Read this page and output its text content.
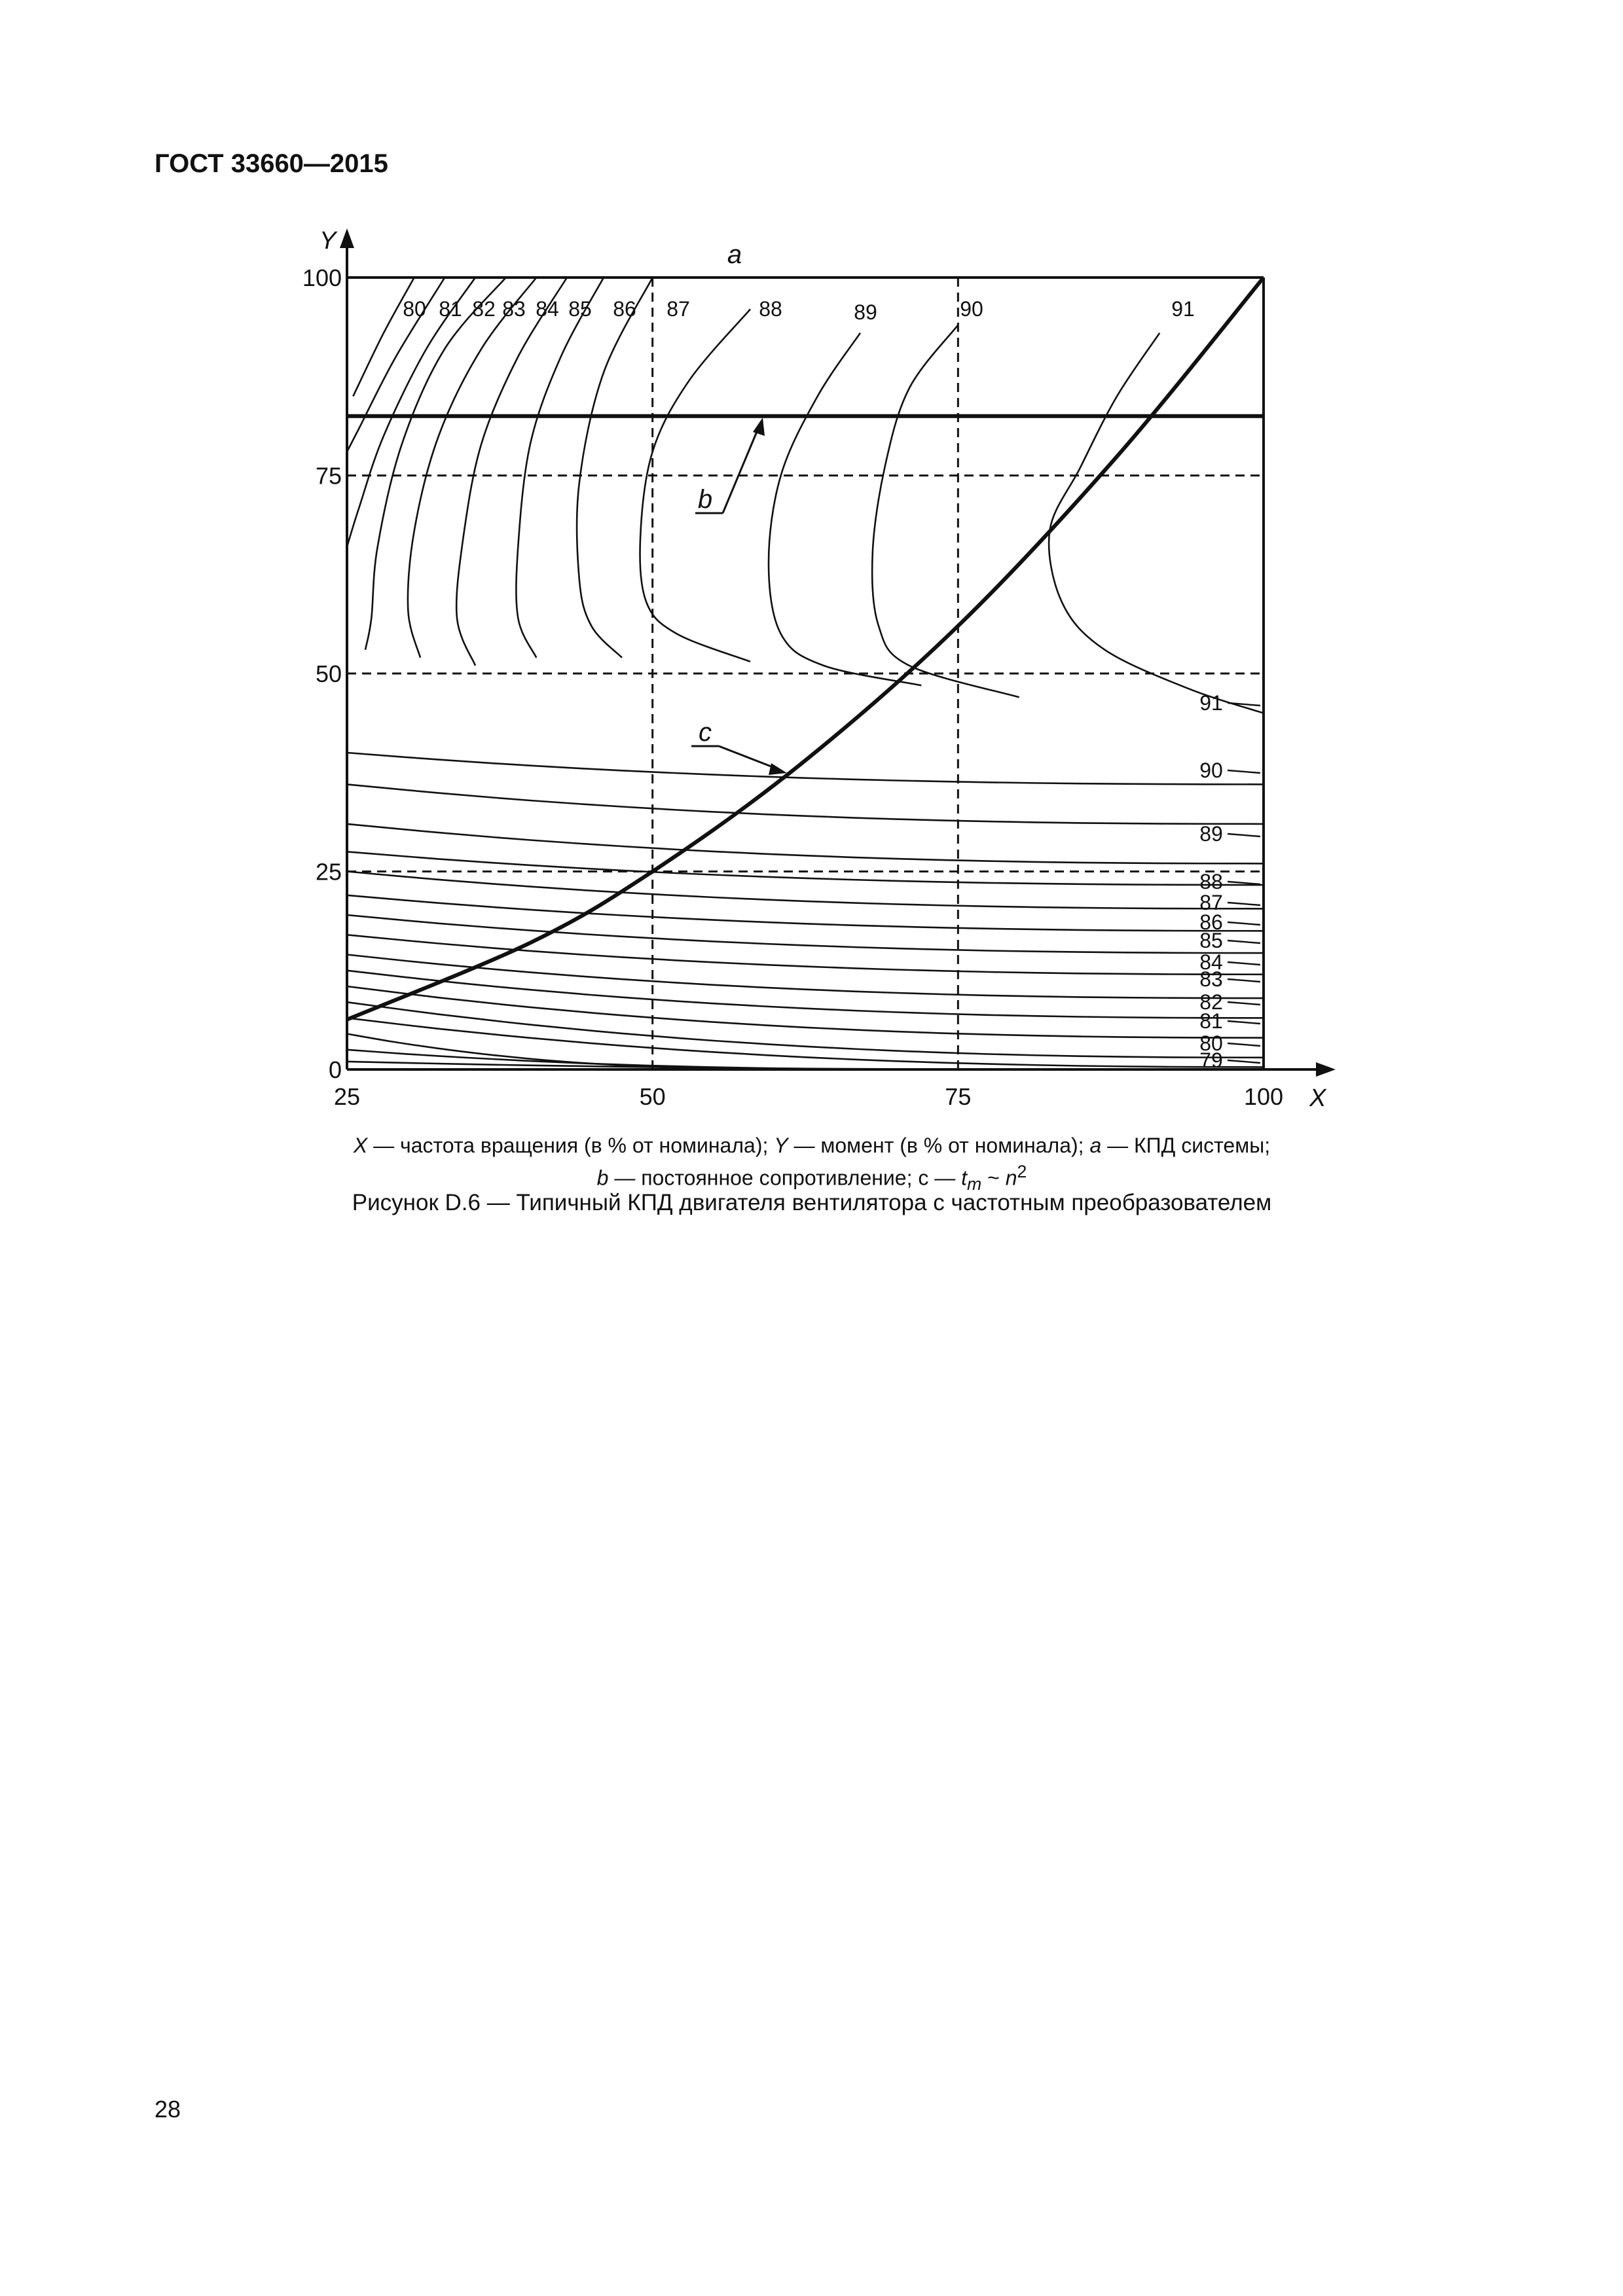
ГОСТ 33660—2015
25	50	75	100
0
25
50
75
100
X
Y
80 81 82 83 84 85 86 87	88	89	90	91
91
90
89
88
87
86
85
84
83
82
81
80
79
a
b
c
X — частота вращения (в % от номинала); Y — момент (в % от номинала); a — КПД системы;
b — постоянное сопротивление; c — $t_m$ ~ $n^2$
Рисунок D.6 — Типичный КПД двигателя вентилятора с частотным преобразователем
28
